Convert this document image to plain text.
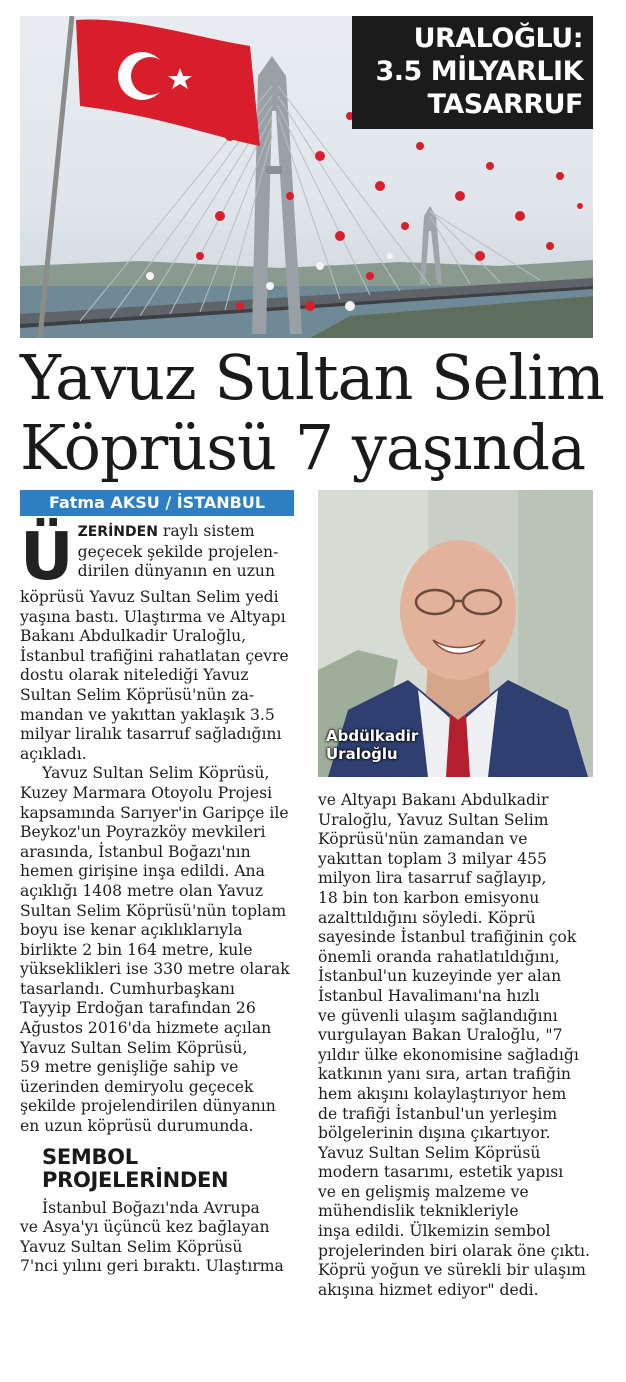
URALOĞLU:
3.5 MİLYARLIK
TASARRUF
Yavuz Sultan Selim
Köprüsü 7 yaşında
Fatma AKSU / İSTANBUL
Abdülkadir
Uraloğlu

Ü ZERİNDEN raylı sistem
geçecek şekilde projelen-
dirilen dünyanın en uzun
köprüsü Yavuz Sultan Selim yedi
yaşına bastı. Ulaştırma ve Altyapı
Bakanı Abdulkadir Uraloğlu,
İstanbul trafiğini rahatlatan çevre
dostu olarak nitelediği Yavuz
Sultan Selim Köprüsü'nün za-
mandan ve yakıttan yaklaşık 3.5
milyar liralık tasarruf sağladığını
açıkladı.

Yavuz Sultan Selim Köprüsü,
Kuzey Marmara Otoyolu Projesi
kapsamında Sarıyer'in Garipçe ile
Beykoz'un Poyrazköy mevkileri
arasında, İstanbul Boğazı'nın
hemen girişine inşa edildi. Ana
açıklığı 1408 metre olan Yavuz
Sultan Selim Köprüsü'nün toplam
boyu ise kenar açıklıklarıyla
birlikte 2 bin 164 metre, kule
yükseklikleri ise 330 metre olarak
tasarlandı. Cumhurbaşkanı
Tayyip Erdoğan tarafından 26
Ağustos 2016'da hizmete açılan
Yavuz Sultan Selim Köprüsü,
59 metre genişliğe sahip ve
üzerinden demiryolu geçecek
şekilde projelendirilen dünyanın
en uzun köprüsü durumunda.

SEMBOL
PROJELERİNDEN

İstanbul Boğazı'nda Avrupa
ve Asya'yı üçüncü kez bağlayan
Yavuz Sultan Selim Köprüsü
7'nci yılını geri bıraktı. Ulaştırma

ve Altyapı Bakanı Abdulkadir
Uraloğlu, Yavuz Sultan Selim
Köprüsü'nün zamandan ve
yakıttan toplam 3 milyar 455
milyon lira tasarruf sağlayıp,
18 bin ton karbon emisyonu
azalttıldığını söyledi. Köprü
sayesinde İstanbul trafiğinin çok
önemli oranda rahatlatıldığını,
İstanbul'un kuzeyinde yer alan
İstanbul Havalimanı'na hızlı
ve güvenli ulaşım sağlandığını
vurgulayan Bakan Uraloğlu, "7
yıldır ülke ekonomisine sağladığı
katkının yanı sıra, artan trafiğin
hem akışını kolaylaştırıyor hem
de trafiği İstanbul'un yerleşim
bölgelerinin dışına çıkartıyor.
Yavuz Sultan Selim Köprüsü
modern tasarımı, estetik yapısı
ve en gelişmiş malzeme ve
mühendislik teknikleriyle
inşa edildi. Ülkemizin sembol
projelerinden biri olarak öne çıktı.
Köprü yoğun ve sürekli bir ulaşım
akışına hizmet ediyor" dedi.
